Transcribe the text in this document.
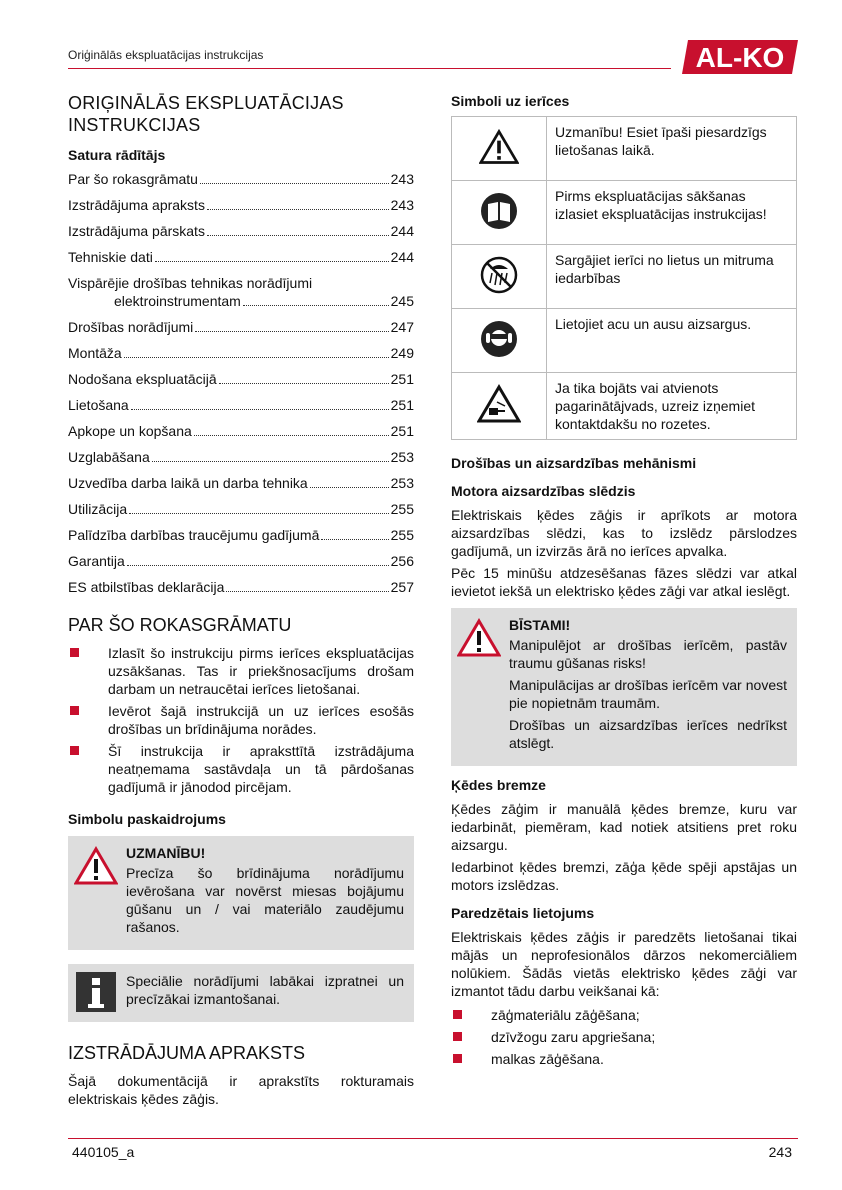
Oriģinālās ekspluatācijas instrukcijas	AL-KO
ORIĢINĀLĀS EKSPLUATĀCIJAS INSTRUKCIJAS
Satura rādītājs
Par šo rokasgrāmatu	243
Izstrādājuma apraksts	243
Izstrādājuma pārskats	244
Tehniskie dati	244
Vispārējie drošības tehnikas norādījumi
elektroinstrumentam	245
Drošības norādījumi	247
Montāža	249
Nodošana ekspluatācijā	251
Lietošana	251
Apkope un kopšana	251
Uzglabāšana	253
Uzvedība darba laikā un darba tehnika	253
Utilizācija	255
Palīdzība darbības traucējumu gadījumā	255
Garantija	256
ES atbilstības deklarācija	257
PAR ŠO ROKASGRĀMATU
Izlasīt šo instrukciju pirms ierīces ekspluatācijas uzsākšanas. Tas ir priekšnosacījums drošam darbam un netraucētai ierīces lietošanai.
Ievērot šajā instrukcijā un uz ierīces esošās drošības un brīdinājuma norādes.
Šī instrukcija ir apraksttītā izstrādājuma neatņemama sastāvdaļa un tā pārdošanas gadījumā ir jānodod pircējam.
Simbolu paskaidrojums
UZMANĪBU!

Precīza šo brīdinājuma norādījumu ievērošana var novērst miesas bojājumu gūšanu un / vai materiālo zaudējumu rašanos.

Speciālie norādījumi labākai izpratnei un precīzākai izmantošanai.

IZSTRĀDĀJUMA APRAKSTS

Šajā dokumentācijā ir aprakstīts rokturamais elektriskais ķēdes zāģis.

Simboli uz ierīces
	Uzmanību! Esiet īpaši piesardzīgs lietošanas laikā.
	Pirms ekspluatācijas sākšanas izlasiet ekspluatācijas instrukcijas!
	Sargājiet ierīci no lietus un mitruma iedarbības
	Lietojiet acu un ausu aizsargus.
	Ja tika bojāts vai atvienots pagarinātājvads, uzreiz izņemiet kontaktdakšu no rozetes.
Drošības un aizsardzības mehānismi
Motora aizsardzības slēdzis

Elektriskais ķēdes zāģis ir aprīkots ar motora aizsardzības slēdzi, kas to izslēdz pārslodzes gadījumā, un izvirzās ārā no ierīces apvalka.

Pēc 15 minūšu atdzesēšanas fāzes slēdzi var atkal ievietot iekšā un elektrisko ķēdes zāģi var atkal ieslēgt.

BĪSTAMI!

Manipulējot ar drošības ierīcēm, pastāv traumu gūšanas risks!

Manipulācijas ar drošības ierīcēm var novest pie nopietnām traumām.

Drošības un aizsardzības ierīces nedrīkst atslēgt.

Ķēdes bremze

Ķēdes zāģim ir manuālā ķēdes bremze, kuru var iedarbināt, piemēram, kad notiek atsitiens pret roku aizsargu.

Iedarbinot ķēdes bremzi, zāģa ķēde spēji apstājas un motors izslēdzas.

Paredzētais lietojums

Elektriskais ķēdes zāģis ir paredzēts lietošanai tikai mājās un neprofesionālos dārzos nekomerciāliem nolūkiem. Šādās vietās elektrisko ķēdes zāģi var izmantot tādu darbu veikšanai kā:

zāģmateriālu zāģēšana;
dzīvžogu zaru apgriešana;
malkas zāģēšana.
440105_a	243
